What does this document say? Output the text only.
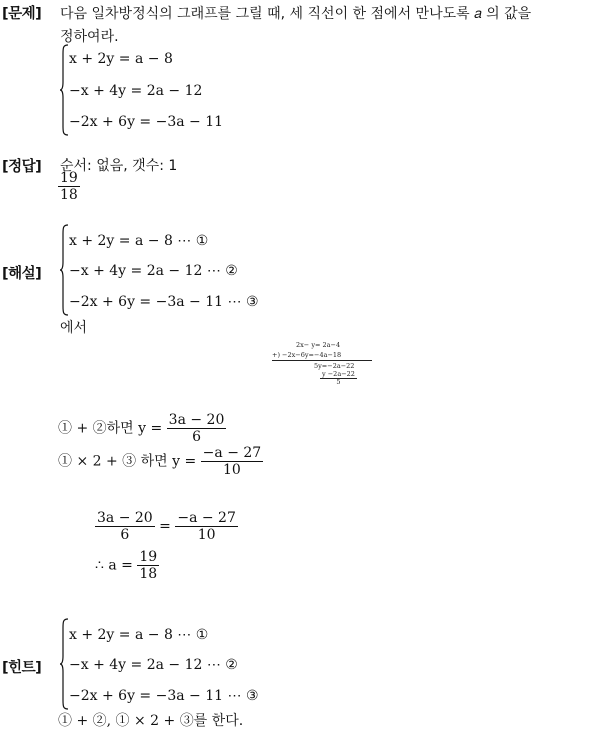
[문제] 다음 일차방정식의 그래프를 그릴 때, 세 직선이 한 점에서 만나도록 𝑎 의 값을
정하여라.
x + 2y = a − 8
−x + 4y = 2a − 12
−2x + 6y = −3a − 11
[정답] 순서: 없음, 갯수: 1
$\frac{19}{18}$
[해설]
x + 2y = a − 8 ⋯ ①
−x + 4y = 2a − 12 ⋯ ②
−2x + 6y = −3a − 11 ⋯ ③
에서
2x− y= 2a−4
+) −2x−6y=−4a−18
5y=−2a−22
$\frac{y -2a-22}{5}$
① + ②하면 $y = \frac{3a - 20}{6}$
① × 2 + ③ 하면 $y = \frac{-a - 27}{10}$
$\frac{3a - 20}{6} = \frac{-a - 27}{10}$
∴ $a = \frac{19}{18}$
[힌트]
x + 2y = a − 8 ⋯ ①
−x + 4y = 2a − 12 ⋯ ②
−2x + 6y = −3a − 11 ⋯ ③
① + ②, ① × 2 + ③를 한다.
